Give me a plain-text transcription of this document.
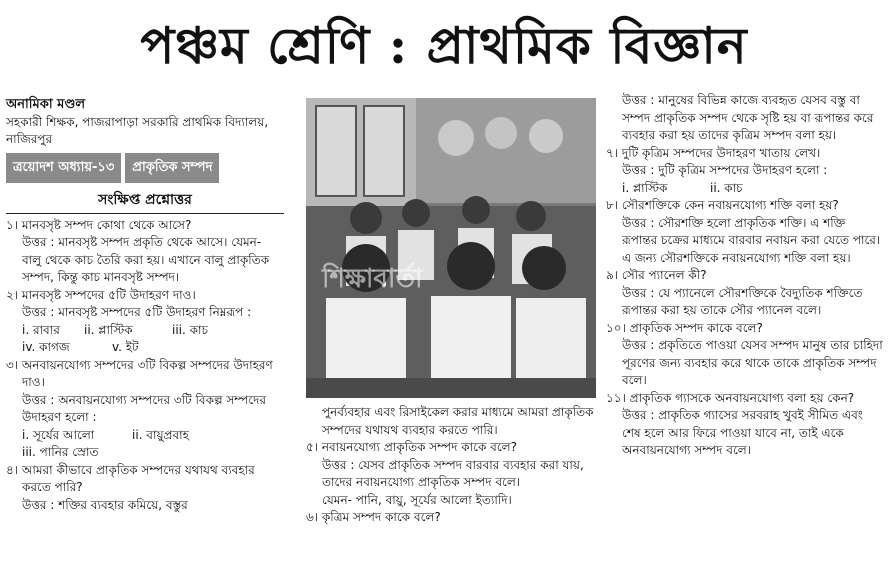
পঞ্চম শ্রেণি : প্রাথমিক বিজ্ঞান

অনামিকা মণ্ডল

সহকারী শিক্ষক, পাজরাপাড়া সরকারি প্রাথমিক বিদ্যালয়, নাজিরপুর

ত্রয়োদশ অধ্যায়-১৩	প্রাকৃতিক সম্পদ
সংক্ষিপ্ত প্রশ্নোত্তর

১। মানবসৃষ্ট সম্পদ কোথা থেকে আসে?

উত্তর : মানবসৃষ্ট সম্পদ প্রকৃতি থেকে আসে। যেমন- বালু থেকে কাচ তৈরি করা হয়। এখানে বালু প্রাকৃতিক সম্পদ, কিন্তু কাচ মানবসৃষ্ট সম্পদ।

২। মানবসৃষ্ট সম্পদের ৫টি উদাহরণ দাও।

উত্তর : মানবসৃষ্ট সম্পদের ৫টি উদাহরণ নিম্নরূপ :

i. রাবার	ii. প্লাস্টিক	iii. কাচ
iv. কাগজ	v. ইট

৩। অনবায়নযোগ্য সম্পদের ৩টি বিকল্প সম্পদের উদাহরণ দাও।

উত্তর : অনবায়নযোগ্য সম্পদের ৩টি বিকল্প সম্পদের উদাহরণ হলো :

i. সূর্যের আলো	ii. বায়ুপ্রবাহ
iii. পানির স্রোত

৪। আমরা কীভাবে প্রাকৃতিক সম্পদের যথাযথ ব্যবহার করতে পারি?

উত্তর : শক্তির ব্যবহার কমিয়ে, বস্তুর

শিক্ষাবার্তা

পুনর্ব্যবহার এবং রিসাইকেল করার মাধ্যমে আমরা প্রাকৃতিক সম্পদের যথাযথ ব্যবহার করতে পারি।

৫। নবায়নযোগ্য প্রাকৃতিক সম্পদ কাকে বলে?

উত্তর : যেসব প্রাকৃতিক সম্পদ বারবার ব্যবহার করা যায়, তাদের নবায়নযোগ্য প্রাকৃতিক সম্পদ বলে।

যেমন- পানি, বায়ু, সূর্যের আলো ইত্যাদি।

৬। কৃত্রিম সম্পদ কাকে বলে?

উত্তর : মানুষের বিভিন্ন কাজে ব্যবহৃত যেসব বস্তু বা সম্পদ প্রাকৃতিক সম্পদ থেকে সৃষ্টি হয় বা রূপান্তর করে ব্যবহার করা হয় তাদের কৃত্রিম সম্পদ বলা হয়।

৭। দুটি কৃত্রিম সম্পদের উদাহরণ খাতায় লেখ।

উত্তর : দুটি কৃত্রিম সম্পদের উদাহরণ হলো :

i. প্লাস্টিক	ii. কাচ

৮। সৌরশক্তিকে কেন নবায়নযোগ্য শক্তি বলা হয়?

উত্তর : সৌরশক্তি হলো প্রাকৃতিক শক্তি। এ শক্তি রূপান্তর চক্রের মাধ্যমে বারবার নবায়ন করা যেতে পারে। এ জন্য সৌরশক্তিকে নবায়নযোগ্য শক্তি বলা হয়।

৯। সৌর প্যানেল কী?

উত্তর : যে প্যানেলে সৌরশক্তিকে বৈদ্যুতিক শক্তিতে রূপান্তর করা হয় তাকে সৌর প্যানেল বলে।

১০। প্রাকৃতিক সম্পদ কাকে বলে?

উত্তর : প্রকৃতিতে পাওয়া যেসব সম্পদ মানুষ তার চাহিদা পূরণের জন্য ব্যবহার করে থাকে তাকে প্রাকৃতিক সম্পদ বলে।

১১। প্রাকৃতিক গ্যাসকে অনবায়নযোগ্য বলা হয় কেন?

উত্তর : প্রাকৃতিক গ্যাসের সরবরাহ খুবই সীমিত এবং শেষ হলে আর ফিরে পাওয়া যাবে না, তাই একে অনবায়নযোগ্য সম্পদ বলে।
